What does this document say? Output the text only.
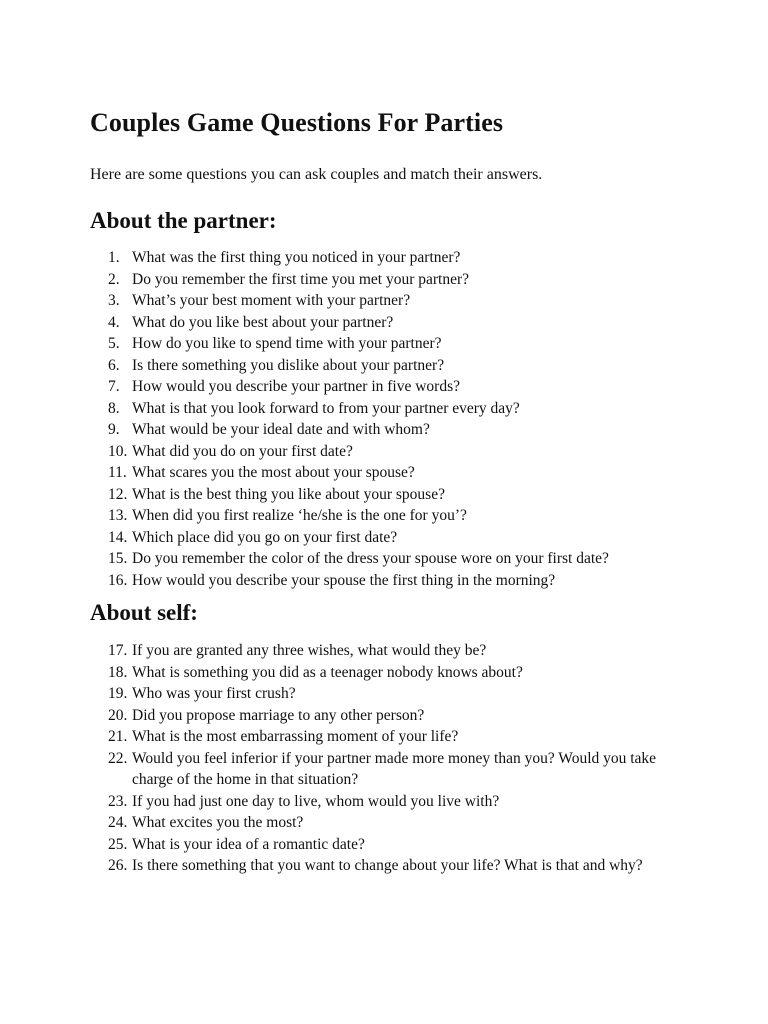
Couples Game Questions For Parties

Here are some questions you can ask couples and match their answers.

About the partner:
1. What was the first thing you noticed in your partner?
2. Do you remember the first time you met your partner?
3. What’s your best moment with your partner?
4. What do you like best about your partner?
5. How do you like to spend time with your partner?
6. Is there something you dislike about your partner?
7. How would you describe your partner in five words?
8. What is that you look forward to from your partner every day?
9. What would be your ideal date and with whom?
10. What did you do on your first date?
11. What scares you the most about your spouse?
12. What is the best thing you like about your spouse?
13. When did you first realize ‘he/she is the one for you’?
14. Which place did you go on your first date?
15. Do you remember the color of the dress your spouse wore on your first date?
16. How would you describe your spouse the first thing in the morning?
About self:
17. If you are granted any three wishes, what would they be?
18. What is something you did as a teenager nobody knows about?
19. Who was your first crush?
20. Did you propose marriage to any other person?
21. What is the most embarrassing moment of your life?
22. Would you feel inferior if your partner made more money than you? Would you take charge of the home in that situation?
23. If you had just one day to live, whom would you live with?
24. What excites you the most?
25. What is your idea of a romantic date?
26. Is there something that you want to change about your life? What is that and why?
